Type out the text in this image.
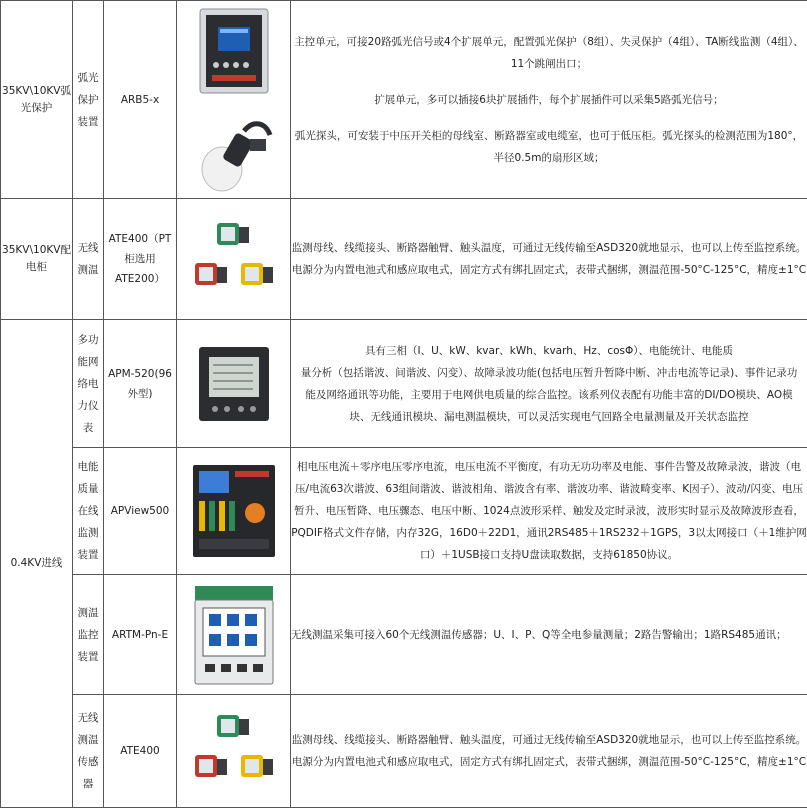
35KV\10KV弧光保护	弧光保护装置	ARB5-x		主控单元，可接20路弧光信号或4个扩展单元，配置弧光保护（8组）、失灵保护（4组）、TA断线监测（4组）、11个跳闸出口；

扩展单元，多可以插接6块扩展插件，每个扩展插件可以采集5路弧光信号；

弧光探头，可安装于中压开关柜的母线室、断路器室或电缆室，也可于低压柜。弧光探头的检测范围为180°，半径0.5m的扇形区域；

35KV\10KV配电柜	无线测温	ATE400（PT柜选用ATE200）		监测母线、线缆接头、断路器触臂、触头温度，可通过无线传输至ASD320就地显示，也可以上传至监控系统。电源分为内置电池式和感应取电式，固定方式有绑扎固定式，表带式捆绑，测温范围-50°C-125°C，精度±1°C

0.4KV进线	多功能网络电力仪表	APM-520(96外型)		具有三相（I、U、kW、kvar、kWh、kvarh、Hz、cosΦ）、电能统计、电能质

量分析（包括谐波、间谐波、闪变）、故障录波功能(包括电压暂升暂降中断、冲击电流等记录)、事件记录功

能及网络通讯等功能，主要用于电网供电质量的综合监控。该系列仪表配有功能丰富的DI/DO模块、AO模

块、无线通讯模块、漏电测温模块，可以灵活实现电气回路全电量测量及开关状态监控

	电能质量在线监测装置	APView500		相电压电流＋零序电压零序电流，电压电流不平衡度，有功无功功率及电能、事件告警及故障录波，谐波（电压/电流63次谐波、63组间谐波、谐波相角、谐波含有率、谐波功率、谐波畸变率、K因子）、波动/闪变、电压暂升、电压暂降、电压骤态、电压中断、1024点波形采样、触发及定时录波，波形实时显示及故障波形查看，PQDIF格式文件存储，内存32G，16D0＋22D1，通讯2RS485＋1RS232＋1GPS，3以太网接口（＋1维护网口）＋1USB接口支持U盘读取数据，支持61850协议。

	测温监控装置	ARTM-Pn-E		无线测温采集可接入60个无线测温传感器；U、I、P、Q等全电参量测量；2路告警输出；1路RS485通讯；

	无线测温传感器	ATE400		监测母线、线缆接头、断路器触臂、触头温度，可通过无线传输至ASD320就地显示，也可以上传至监控系统。电源分为内置电池式和感应取电式，固定方式有绑扎固定式，表带式捆绑，测温范围-50°C-125°C，精度±1°C
